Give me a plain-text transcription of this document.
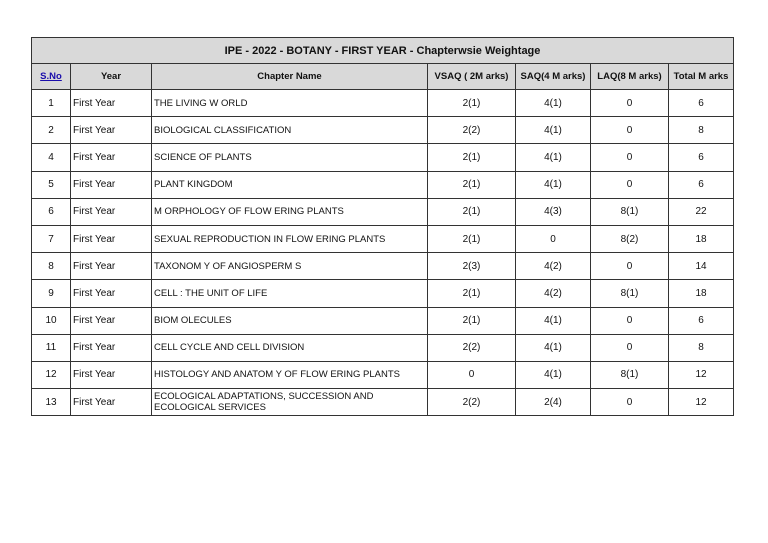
IPE - 2022 - BOTANY - FIRST YEAR - Chapterwsie Weightage						
S.No	Year	Chapter Name	VSAQ ( 2M arks)	SAQ(4 M arks)	LAQ(8 M arks)	Total M arks
1	First Year	THE LIVING W ORLD	2(1)	4(1)	0	6
2	First Year	BIOLOGICAL CLASSIFICATION	2(2)	4(1)	0	8
4	First Year	SCIENCE OF PLANTS	2(1)	4(1)	0	6
5	First Year	PLANT KINGDOM	2(1)	4(1)	0	6
6	First Year	M ORPHOLOGY OF FLOW ERING PLANTS	2(1)	4(3)	8(1)	22
7	First Year	SEXUAL REPRODUCTION IN FLOW ERING PLANTS	2(1)	0	8(2)	18
8	First Year	TAXONOM Y OF ANGIOSPERM S	2(3)	4(2)	0	14
9	First Year	CELL : THE UNIT OF LIFE	2(1)	4(2)	8(1)	18
10	First Year	BIOM OLECULES	2(1)	4(1)	0	6
11	First Year	CELL CYCLE AND CELL DIVISION	2(2)	4(1)	0	8
12	First Year	HISTOLOGY AND ANATOM Y OF FLOW ERING PLANTS	0	4(1)	8(1)	12
13	First Year	ECOLOGICAL ADAPTATIONS, SUCCESSION AND ECOLOGICAL SERVICES	2(2)	2(4)	0	12
